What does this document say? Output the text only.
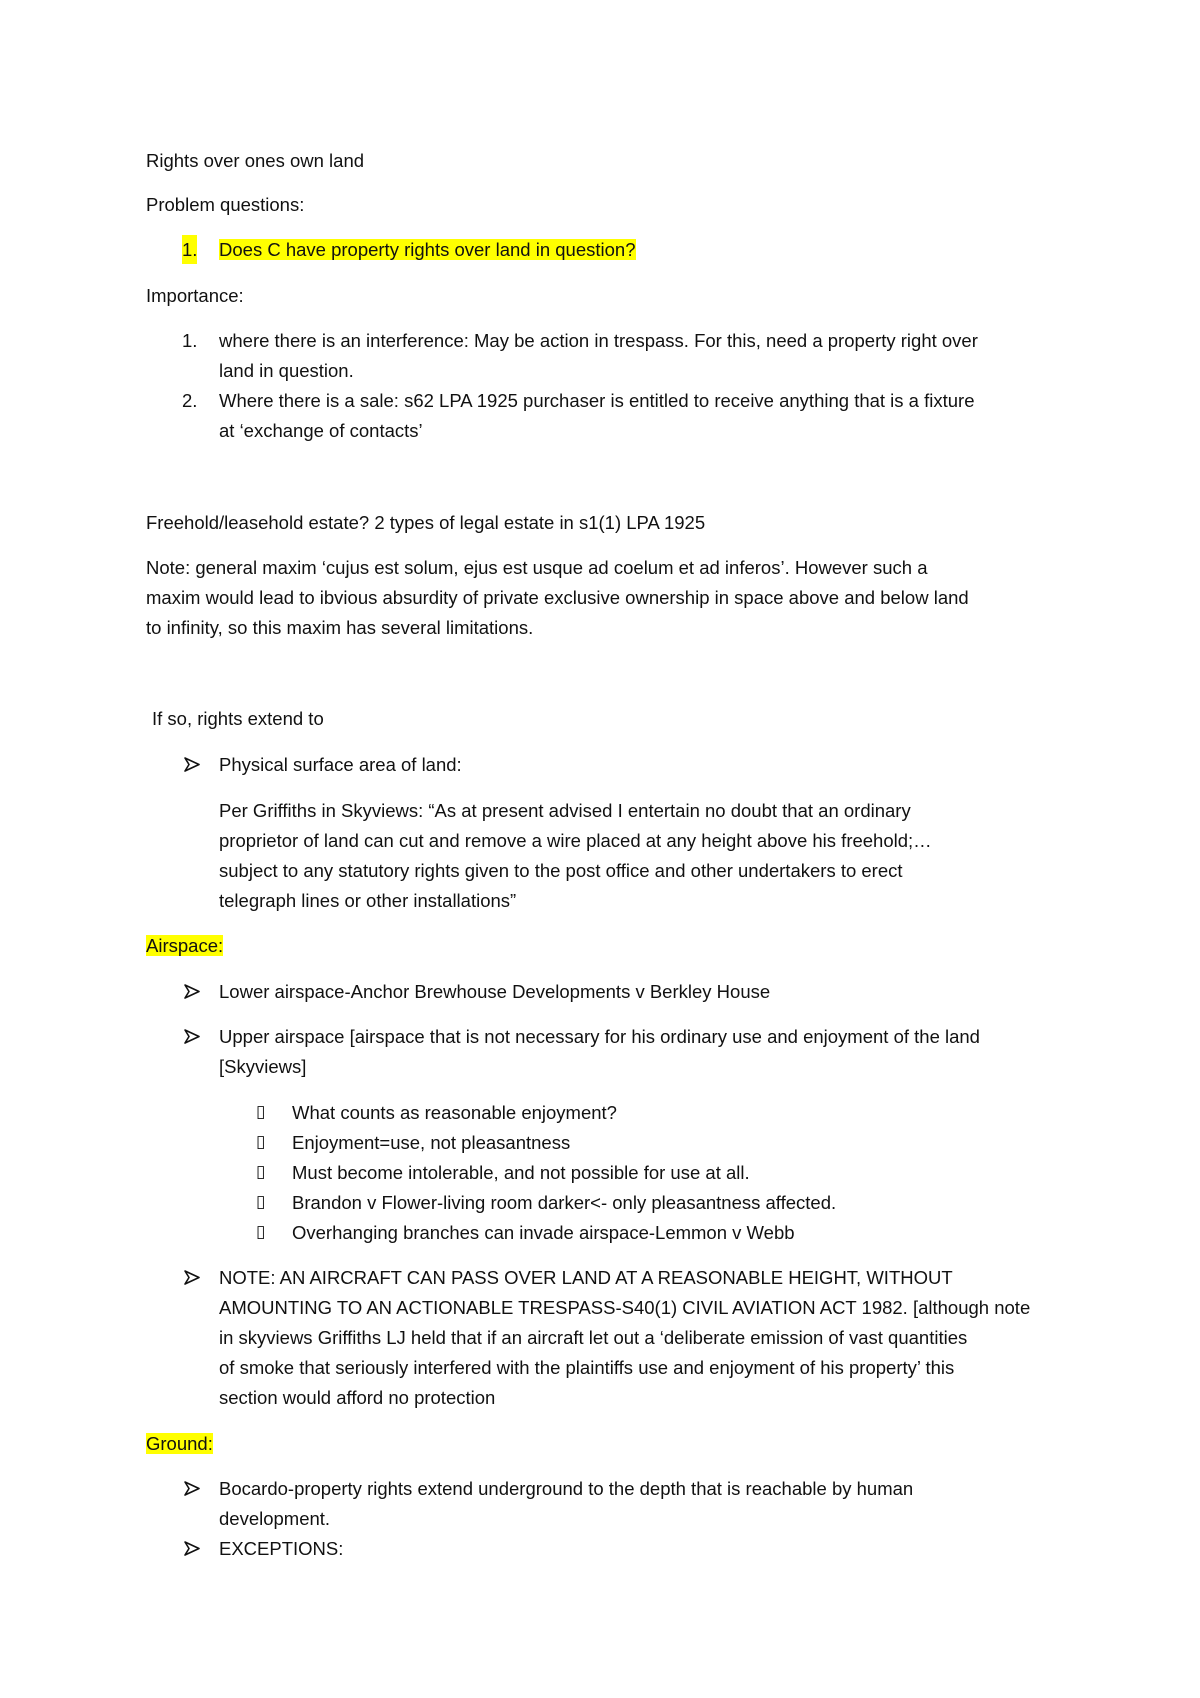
Rights over ones own land
Problem questions:
1. Does C have property rights over land in question?
Importance:
1. where there is an interference: May be action in trespass. For this, need a property right over
land in question.
2. Where there is a sale: s62 LPA 1925 purchaser is entitled to receive anything that is a fixture
at ‘exchange of contacts’
Freehold/leasehold estate? 2 types of legal estate in s1(1) LPA 1925
Note: general maxim ‘cujus est solum, ejus est usque ad coelum et ad inferos’. However such a
maxim would lead to ibvious absurdity of private exclusive ownership in space above and below land
to infinity, so this maxim has several limitations.
If so, rights extend to
Physical surface area of land:
Per Griffiths in Skyviews: “As at present advised I entertain no doubt that an ordinary
proprietor of land can cut and remove a wire placed at any height above his freehold;…
subject to any statutory rights given to the post office and other undertakers to erect
telegraph lines or other installations”
Airspace:
Lower airspace-Anchor Brewhouse Developments v Berkley House
Upper airspace [airspace that is not necessary for his ordinary use and enjoyment of the land
[Skyviews]
▯ What counts as reasonable enjoyment?
▯ Enjoyment=use, not pleasantness
▯ Must become intolerable, and not possible for use at all.
▯ Brandon v Flower-living room darker<- only pleasantness affected.
▯ Overhanging branches can invade airspace-Lemmon v Webb
NOTE: AN AIRCRAFT CAN PASS OVER LAND AT A REASONABLE HEIGHT, WITHOUT
AMOUNTING TO AN ACTIONABLE TRESPASS-S40(1) CIVIL AVIATION ACT 1982. [although note
in skyviews Griffiths LJ held that if an aircraft let out a ‘deliberate emission of vast quantities
of smoke that seriously interfered with the plaintiffs use and enjoyment of his property’ this
section would afford no protection
Ground:
Bocardo-property rights extend underground to the depth that is reachable by human
development.
EXCEPTIONS:
